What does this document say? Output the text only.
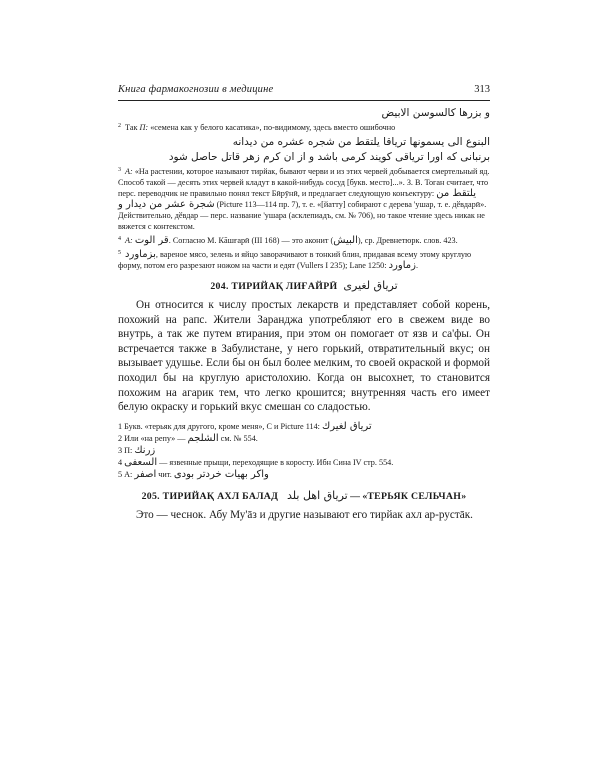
Книга фармакогнозии в медицине	313
و بزرها كالسوسن الابيض
$^2$ Так П: «семена как у белого касатика», по-видимому, здесь вместо ошибочно
البنوع الى يسمونها ترياقا يلتقط من شجره عشره من ديدانه
برنبانى كه اورا ترياقى كويند كرمى باشد و از ان كرم زهر قاتل حاصل شود
$^3$ А: «На растении, которое называют тирйак, бывают черви и из этих червей добывается смертельный яд. Способ такой — десять этих червей кладут в какой-нибудь сосуд [букв. место]...». З. В. Тоган считает, что перс. переводчик не правильно понял текст Бӣрӯнӣ, и предлагает следующую конъектуру: يلتقط من شجرة عشر من ديدار و (Picture 113—114 пр. 7), т. е. «[йатту] собирают с дерева 'ушар, т. е. дӗвдарӣ». Действительно, дӗвдар — перс. название 'ушара (асклепиадъ, см. № 706), но такое чтение здесь никак не вяжется с контекстом.
$^4$ А: قر الوت. Согласно М. Кāшғарӣ (III 168) — это аконит (البيش), ср. Древнетюрк. слов. 423.
$^5$ بزماورد, вареное мясо, зелень и яйцо заворачивают в тонкий блин, придавая всему этому круглую форму, потом его разрезают ножом на части и едят (Vullers I 235); Lane 1250: زماورد.
204. ТИРИЙАҚ ЛИҒАЙРӢ ترياق لغيرى

Он относится к числу простых лекарств и представляет собой корень, похожий на рапс. Жители Заранджа употребляют его в свежем виде во внутрь, а так же путем втирания, при этом он помогает от язв и са'фы. Он встречается также в Забулистане, у него горький, отвратительный вкус; он вызывает удушье. Если бы он был более мелким, то своей окраской и формой походил бы на круглую аристолохию. Когда он высохнет, то становится похожим на агарик тем, что легко крошится; внутренняя часть его имеет белую окраску и горький вкус смешан со сладостью.

1 Букв. «терьяк для другого, кроме меня», С и Picture 114: ترياق لغيرك
2 Или «на репу» — الشلجم см. № 554.
3 П: زرنك
4 السعفى — язвенные прыщи, переходящие в коросту. Ибн Сина IV стр. 554.
5 А: اصفر чит. واكر بهيات خردتر بودى
205. ТИРИЙАҚ АХЛ БАЛАД ترياق اهل بلد — «ТЕРЬЯК СЕЛЬЧАН»

Это — чеснок. Абу Му'āз и другие называют его тирйак ахл ар-рустāк.
